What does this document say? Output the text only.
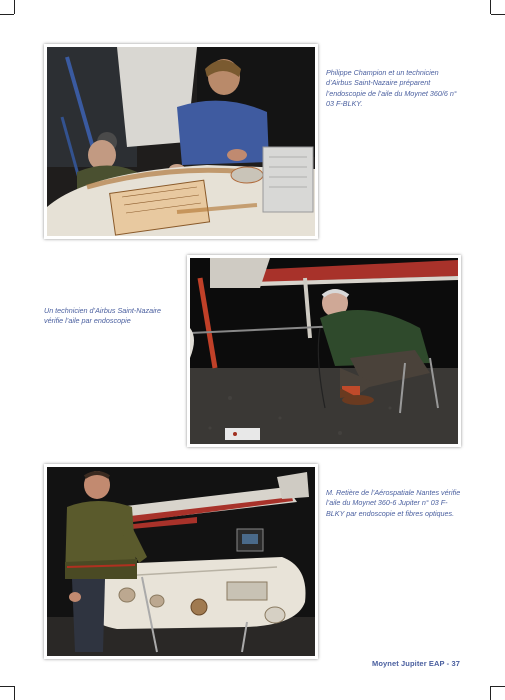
Philippe Champion et un technicien d’Airbus Saint-Nazaire préparent l’endoscopie de l’aile du Moynet 360/6 n° 03 F-BLKY.
Un technicien d’Airbus Saint-Nazaire vérifie l’aile par endoscopie
M. Retière de l’Aérospatiale Nantes vérifie l’aile du Moynet 360-6 Jupiter n° 03 F-BLKY par endoscopie et fibres optiques.
Moynet Jupiter EAP - 37
